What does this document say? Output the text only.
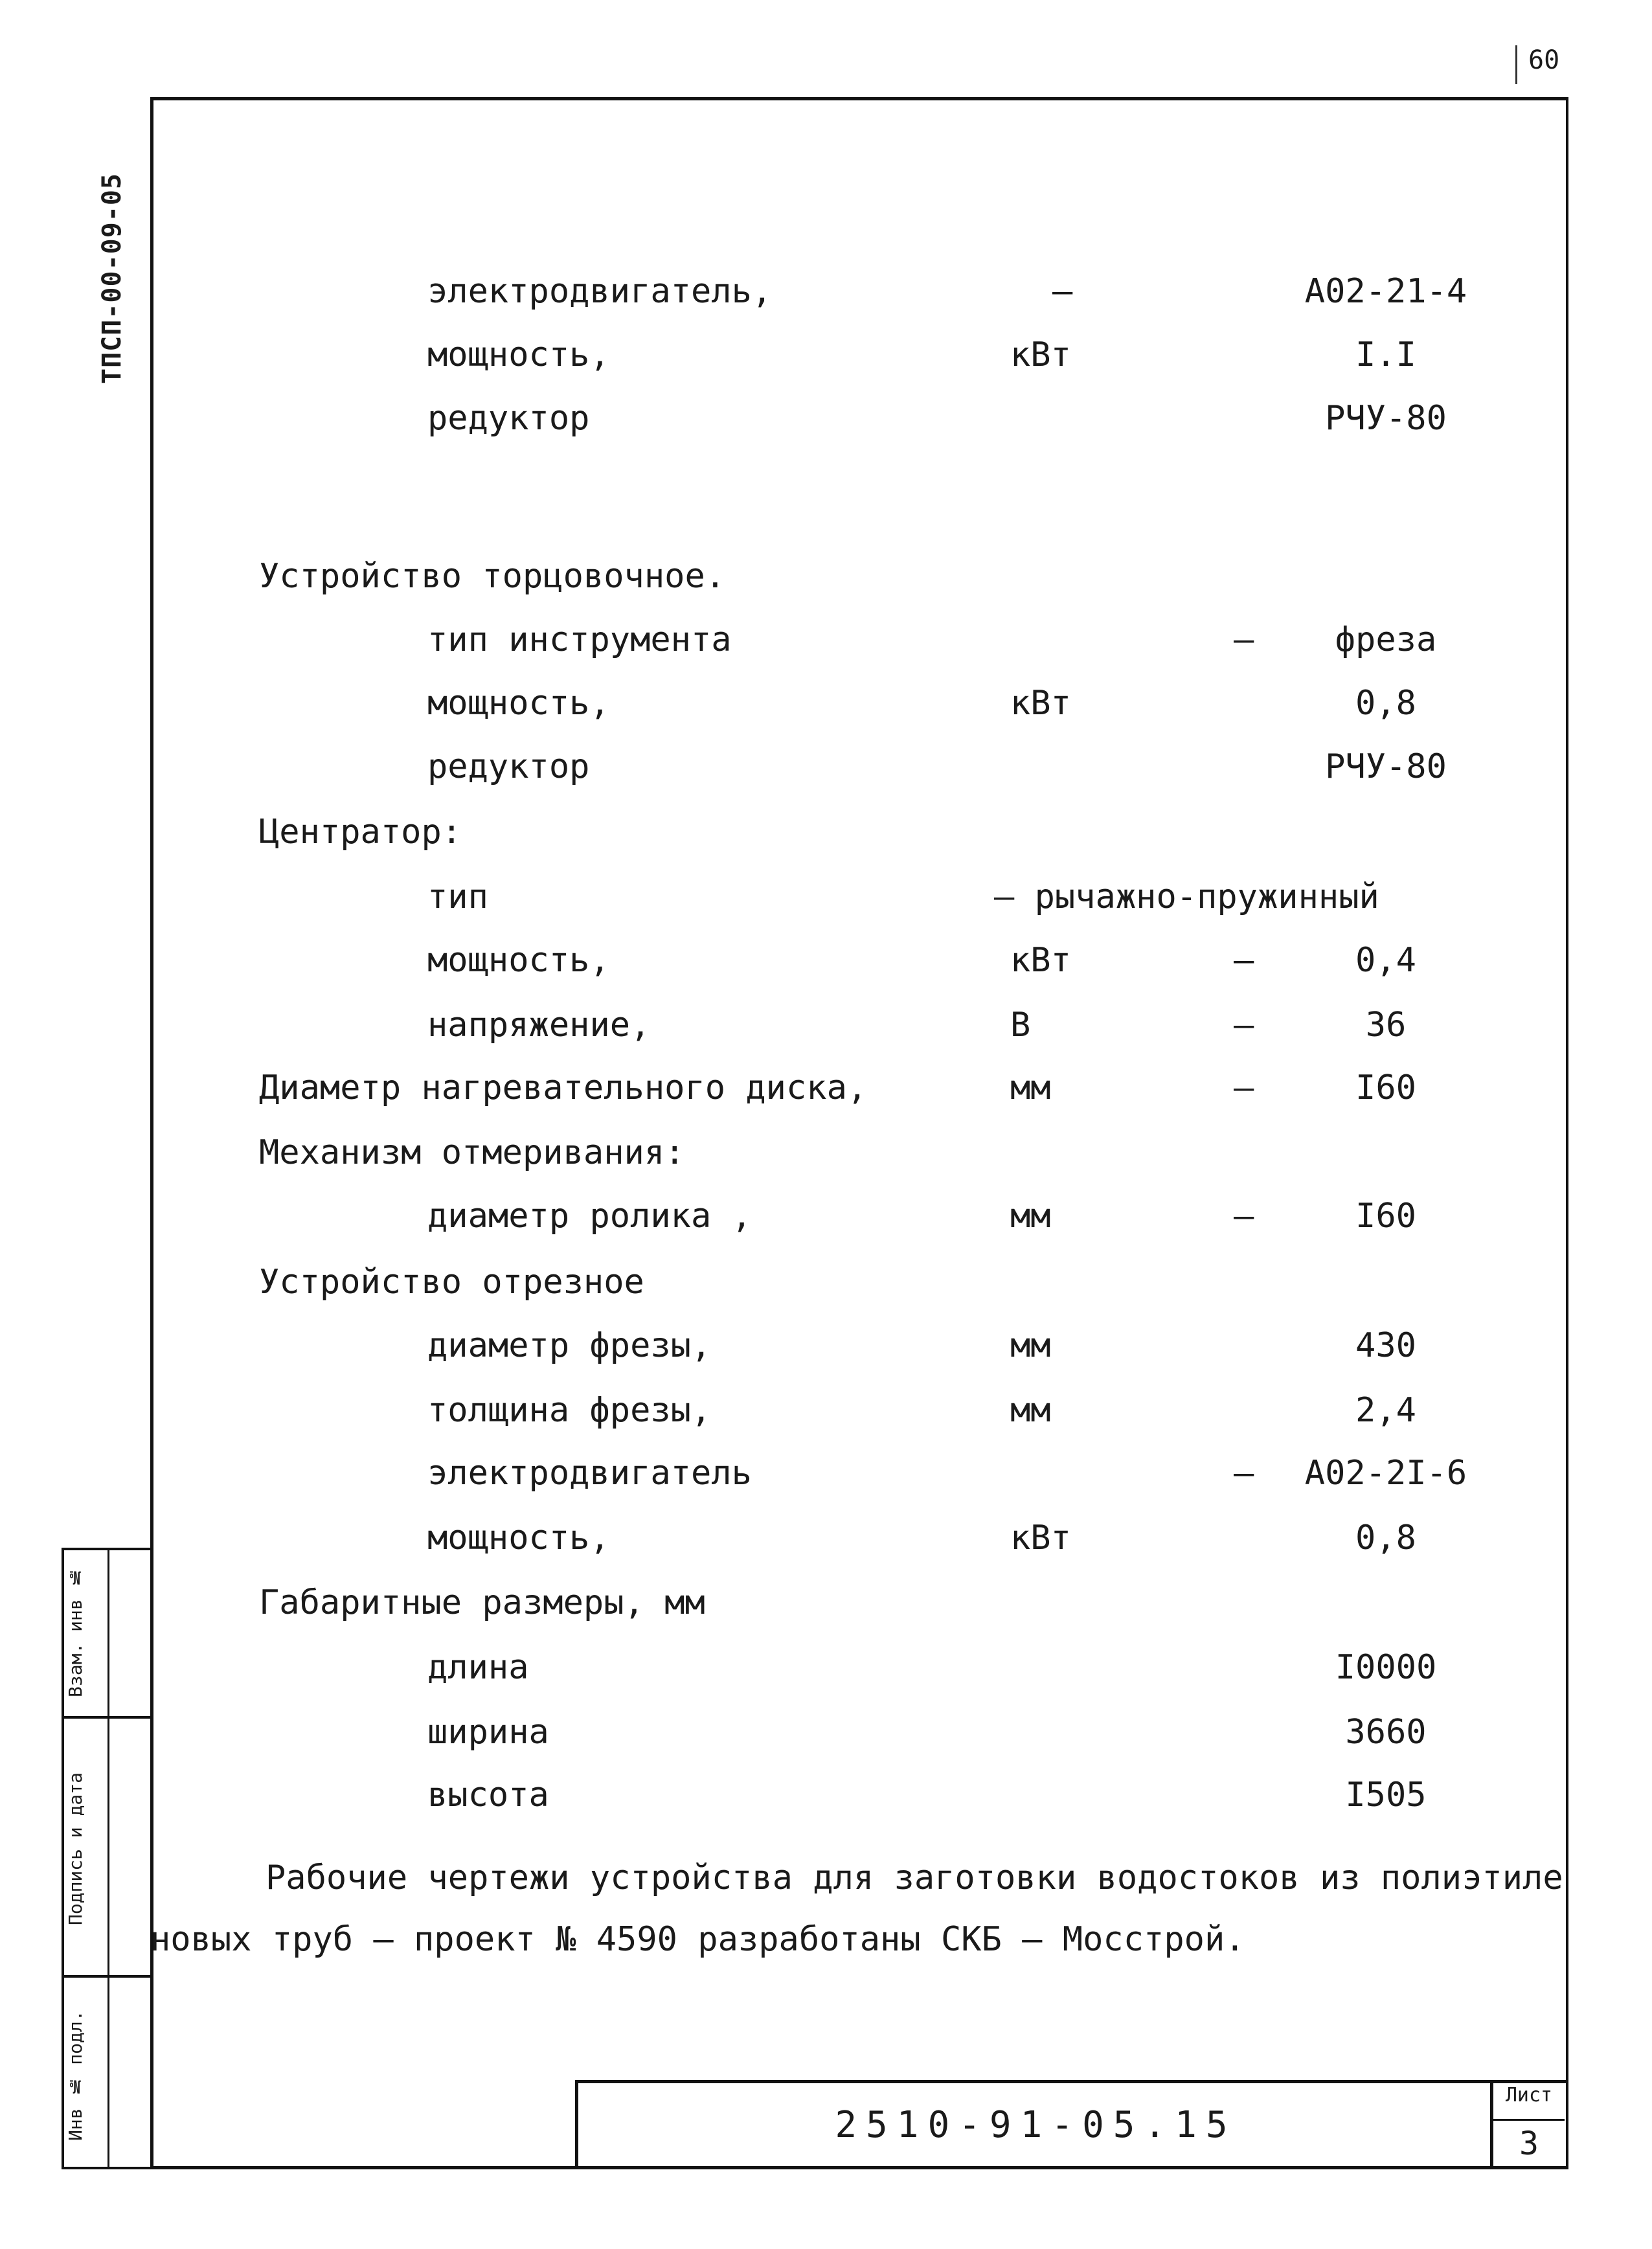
60
ТПСП-00-09-05	электродвигатель,	–	А02-21-4
мощность,	кВт	I.I
редуктор	РЧУ-80
Устройство торцовочное.
тип инструмента	–	фреза
мощность,	кВт	0,8
редуктор	РЧУ-80
Центратор:
тип	– рычажно-пружинный
мощность,	кВт	–	0,4
напряжение,	В	–	36
Диаметр нагревательного диска,	мм	–	I60
Механизм отмеривания:
диаметр ролика ,	мм	–	I60
Устройство отрезное
диаметр фрезы,	мм	430
толщина фрезы,	мм	2,4
электродвигатель	–	А02-2I-6
мощность,	кВт	0,8
Габаритные размеры, мм
длина	I0000
ширина	3660
высота	I505
Рабочие чертежи устройства для заготовки водостоков из полиэтиле
новых труб – проект № 4590 разработаны СКБ – Мосстрой.
2510-91-05.15
Лист
3
Инв № подл.
Подпись и дата
Взам. инв №
